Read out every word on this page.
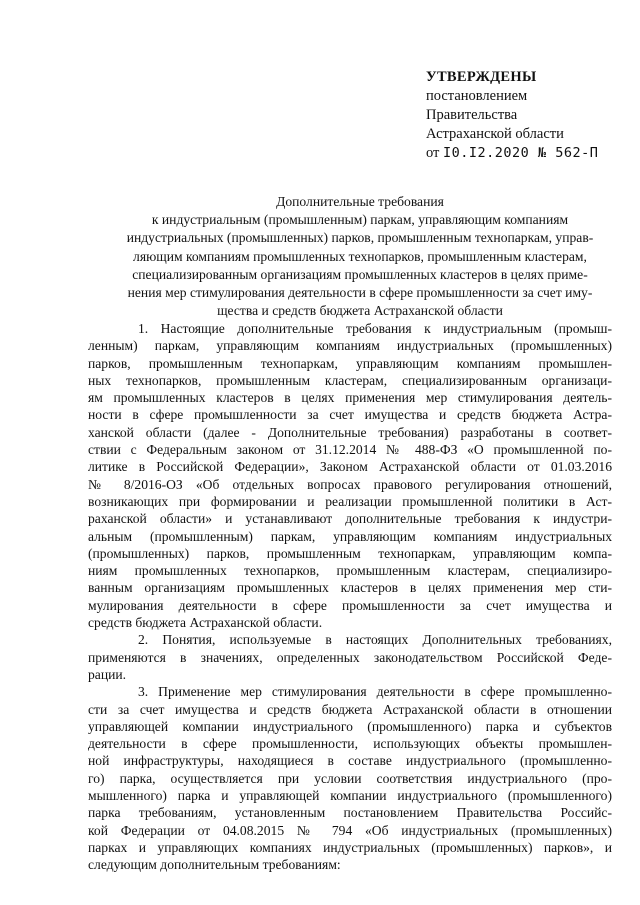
УТВЕРЖДЕНЫ
постановлением
Правительства
Астраханской области
от I0.I2.2020 № 562-П
Дополнительные требования
к индустриальным (промышленным) паркам, управляющим компаниям
индустриальных (промышленных) парков, промышленным технопаркам, управ-
ляющим компаниям промышленных технопарков, промышленным кластерам,
специализированным организациям промышленных кластеров в целях приме-
нения мер стимулирования деятельности в сфере промышленности за счет иму-
щества и средств бюджета Астраханской области
1. Настоящие дополнительные требования к индустриальным (промыш-
ленным) паркам, управляющим компаниям индустриальных (промышленных)
парков, промышленным технопаркам, управляющим компаниям промышлен-
ных технопарков, промышленным кластерам, специализированным организаци-
ям промышленных кластеров в целях применения мер стимулирования деятель-
ности в сфере промышленности за счет имущества и средств бюджета Астра-
ханской области (далее - Дополнительные требования) разработаны в соответ-
ствии с Федеральным законом от 31.12.2014 № 488-ФЗ «О промышленной по-
литике в Российской Федерации», Законом Астраханской области от 01.03.2016
№ 8/2016-ОЗ «Об отдельных вопросах правового регулирования отношений,
возникающих при формировании и реализации промышленной политики в Аст-
раханской области» и устанавливают дополнительные требования к индустри-
альным (промышленным) паркам, управляющим компаниям индустриальных
(промышленных) парков, промышленным технопаркам, управляющим компа-
ниям промышленных технопарков, промышленным кластерам, специализиро-
ванным организациям промышленных кластеров в целях применения мер сти-
мулирования деятельности в сфере промышленности за счет имущества и
средств бюджета Астраханской области.
2. Понятия, используемые в настоящих Дополнительных требованиях,
применяются в значениях, определенных законодательством Российской Феде-
рации.
3. Применение мер стимулирования деятельности в сфере промышленно-
сти за счет имущества и средств бюджета Астраханской области в отношении
управляющей компании индустриального (промышленного) парка и субъектов
деятельности в сфере промышленности, использующих объекты промышлен-
ной инфраструктуры, находящиеся в составе индустриального (промышленно-
го) парка, осуществляется при условии соответствия индустриального (про-
мышленного) парка и управляющей компании индустриального (промышленного)
парка требованиям, установленным постановлением Правительства Российс-
кой Федерации от 04.08.2015 № 794 «Об индустриальных (промышленных)
парках и управляющих компаниях индустриальных (промышленных) парков», и
следующим дополнительным требованиям:
